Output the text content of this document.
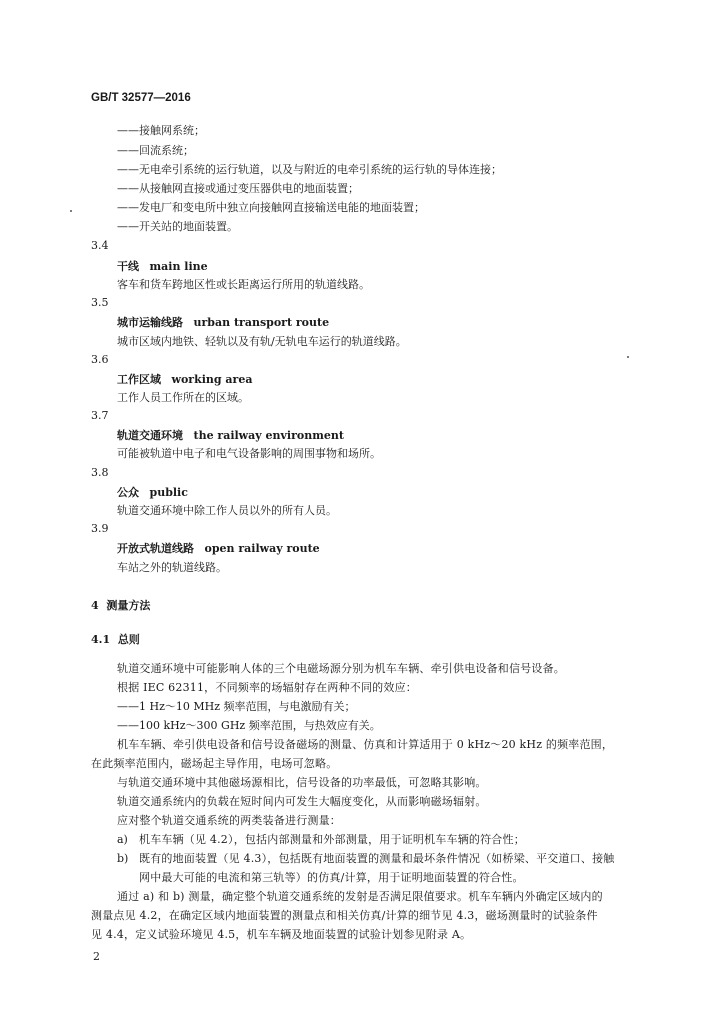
GB/T 32577—2016
——接触网系统；
——回流系统；
——无电牵引系统的运行轨道，以及与附近的电牵引系统的运行轨的导体连接；
——从接触网直接或通过变压器供电的地面装置；
——发电厂和变电所中独立向接触网直接输送电能的地面装置；
——开关站的地面装置。
3.4
干线 main line
客车和货车跨地区性或长距离运行所用的轨道线路。
3.5
城市运输线路 urban transport route
城市区域内地铁、轻轨以及有轨/无轨电车运行的轨道线路。
3.6
工作区域 working area
工作人员工作所在的区域。
3.7
轨道交通环境 the railway environment
可能被轨道中电子和电气设备影响的周围事物和场所。
3.8
公众 public
轨道交通环境中除工作人员以外的所有人员。
3.9
开放式轨道线路 open railway route
车站之外的轨道线路。
4 测量方法
4.1 总则
轨道交通环境中可能影响人体的三个电磁场源分别为机车车辆、牵引供电设备和信号设备。
根据 IEC 62311，不同频率的场辐射存在两种不同的效应：
——1 Hz～10 MHz 频率范围，与电激励有关；
——100 kHz～300 GHz 频率范围，与热效应有关。
机车车辆、牵引供电设备和信号设备磁场的测量、仿真和计算适用于 0 kHz～20 kHz 的频率范围，
在此频率范围内，磁场起主导作用，电场可忽略。
与轨道交通环境中其他磁场源相比，信号设备的功率最低，可忽略其影响。
轨道交通系统内的负载在短时间内可发生大幅度变化，从而影响磁场辐射。
应对整个轨道交通系统的两类装备进行测量：
a) 机车车辆（见 4.2），包括内部测量和外部测量，用于证明机车车辆的符合性；
b) 既有的地面装置（见 4.3），包括既有地面装置的测量和最坏条件情况（如桥梁、平交道口、接触
网中最大可能的电流和第三轨等）的仿真/计算，用于证明地面装置的符合性。
通过 a) 和 b) 测量，确定整个轨道交通系统的发射是否满足限值要求。机车车辆内外确定区域内的
测量点见 4.2，在确定区域内地面装置的测量点和相关仿真/计算的细节见 4.3，磁场测量时的试验条件
见 4.4，定义试验环境见 4.5，机车车辆及地面装置的试验计划参见附录 A。
2
